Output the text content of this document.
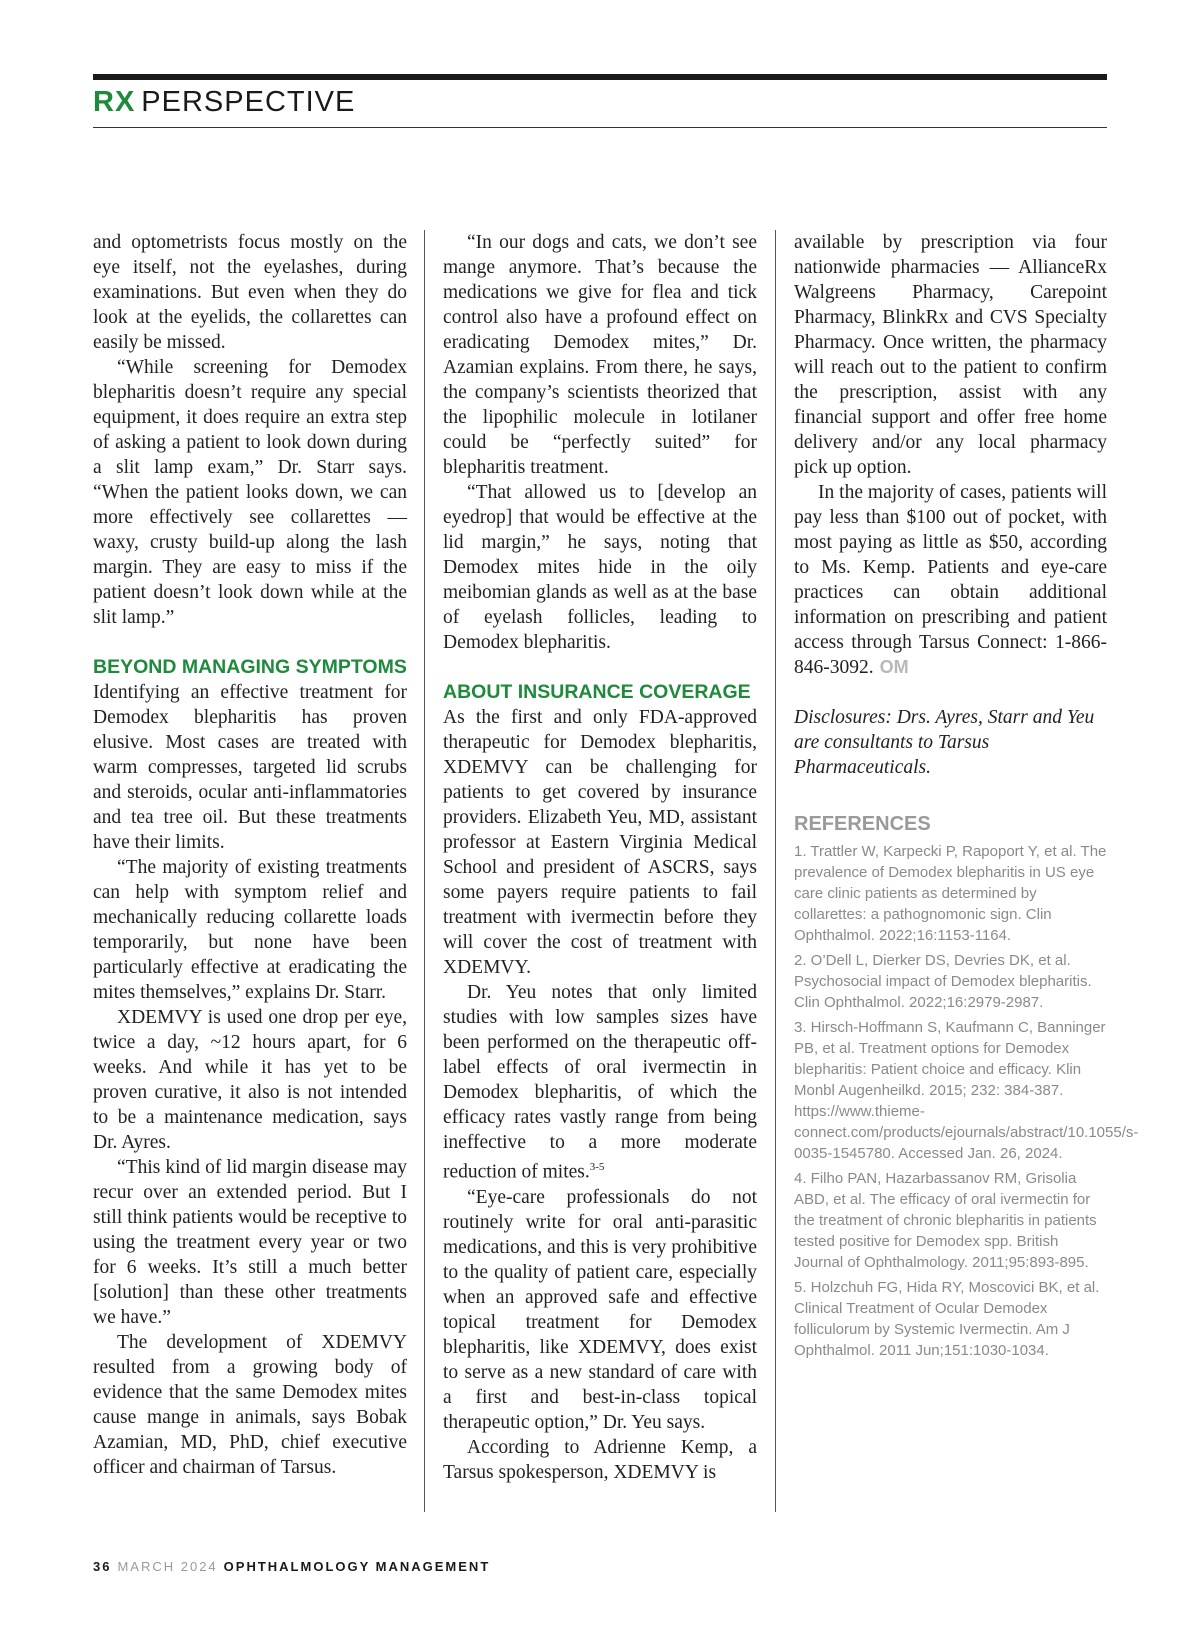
RX PERSPECTIVE

and optometrists focus mostly on the eye itself, not the eyelashes, during examinations. But even when they do look at the eyelids, the collarettes can easily be missed.

“While screening for Demodex blepharitis doesn’t require any special equipment, it does require an extra step of asking a patient to look down during a slit lamp exam,” Dr. Starr says. “When the patient looks down, we can more effectively see collarettes — waxy, crusty build-up along the lash margin. They are easy to miss if the patient doesn’t look down while at the slit lamp.”

BEYOND MANAGING SYMPTOMS

Identifying an effective treatment for Demodex blepharitis has proven elusive. Most cases are treated with warm compresses, targeted lid scrubs and steroids, ocular anti-inflammatories and tea tree oil. But these treatments have their limits.

“The majority of existing treatments can help with symptom relief and mechanically reducing collarette loads temporarily, but none have been particularly effective at eradicating the mites themselves,” explains Dr. Starr.

XDEMVY is used one drop per eye, twice a day, ~12 hours apart, for 6 weeks. And while it has yet to be proven curative, it also is not intended to be a maintenance medication, says Dr. Ayres.

“This kind of lid margin disease may recur over an extended period. But I still think patients would be receptive to using the treatment every year or two for 6 weeks. It’s still a much better [solution] than these other treatments we have.”

The development of XDEMVY resulted from a growing body of evidence that the same Demodex mites cause mange in animals, says Bobak Azamian, MD, PhD, chief executive officer and chairman of Tarsus.

“In our dogs and cats, we don’t see mange anymore. That’s because the medications we give for flea and tick control also have a profound effect on eradicating Demodex mites,” Dr. Azamian explains. From there, he says, the company’s scientists theorized that the lipophilic molecule in lotilaner could be “perfectly suited” for blepharitis treatment.

“That allowed us to [develop an eyedrop] that would be effective at the lid margin,” he says, noting that Demodex mites hide in the oily meibomian glands as well as at the base of eyelash follicles, leading to Demodex blepharitis.

ABOUT INSURANCE COVERAGE

As the first and only FDA-approved therapeutic for Demodex blepharitis, XDEMVY can be challenging for patients to get covered by insurance providers. Elizabeth Yeu, MD, assistant professor at Eastern Virginia Medical School and president of ASCRS, says some payers require patients to fail treatment with ivermectin before they will cover the cost of treatment with XDEMVY.

Dr. Yeu notes that only limited studies with low samples sizes have been performed on the therapeutic off-label effects of oral ivermectin in Demodex blepharitis, of which the efficacy rates vastly range from being ineffective to a more moderate reduction of mites.$^{3-5}$

“Eye-care professionals do not routinely write for oral anti-parasitic medications, and this is very prohibitive to the quality of patient care, especially when an approved safe and effective topical treatment for Demodex blepharitis, like XDEMVY, does exist to serve as a new standard of care with a first and best-in-class topical therapeutic option,” Dr. Yeu says.

According to Adrienne Kemp, a Tarsus spokesperson, XDEMVY is

available by prescription via four nationwide pharmacies — AllianceRx Walgreens Pharmacy, Carepoint Pharmacy, BlinkRx and CVS Specialty Pharmacy. Once written, the pharmacy will reach out to the patient to confirm the prescription, assist with any financial support and offer free home delivery and/or any local pharmacy pick up option.

In the majority of cases, patients will pay less than $100 out of pocket, with most paying as little as $50, according to Ms. Kemp. Patients and eye-care practices can obtain additional information on prescribing and patient access through Tarsus Connect: 1-866-846-3092. OM

Disclosures: Drs. Ayres, Starr and Yeu are consultants to Tarsus Pharmaceuticals.

REFERENCES

1. Trattler W, Karpecki P, Rapoport Y, et al. The prevalence of Demodex blepharitis in US eye care clinic patients as determined by collarettes: a pathognomonic sign. Clin Ophthalmol. 2022;16:1153-1164.

2. O’Dell L, Dierker DS, Devries DK, et al. Psychosocial impact of Demodex blepharitis. Clin Ophthalmol. 2022;16:2979-2987.

3. Hirsch-Hoffmann S, Kaufmann C, Banninger PB, et al. Treatment options for Demodex blepharitis: Patient choice and efficacy. Klin Monbl Augenheilkd. 2015; 232: 384-387. https://www.thieme-connect.com/products/ejournals/abstract/10.1055/s-0035-1545780. Accessed Jan. 26, 2024.

4. Filho PAN, Hazarbassanov RM, Grisolia ABD, et al. The efficacy of oral ivermectin for the treatment of chronic blepharitis in patients tested positive for Demodex spp. British Journal of Ophthalmology. 2011;95:893-895.

5. Holzchuh FG, Hida RY, Moscovici BK, et al. Clinical Treatment of Ocular Demodex folliculorum by Systemic Ivermectin. Am J Ophthalmol. 2011 Jun;151:1030-1034.

36 MARCH 2024 OPHTHALMOLOGY MANAGEMENT
